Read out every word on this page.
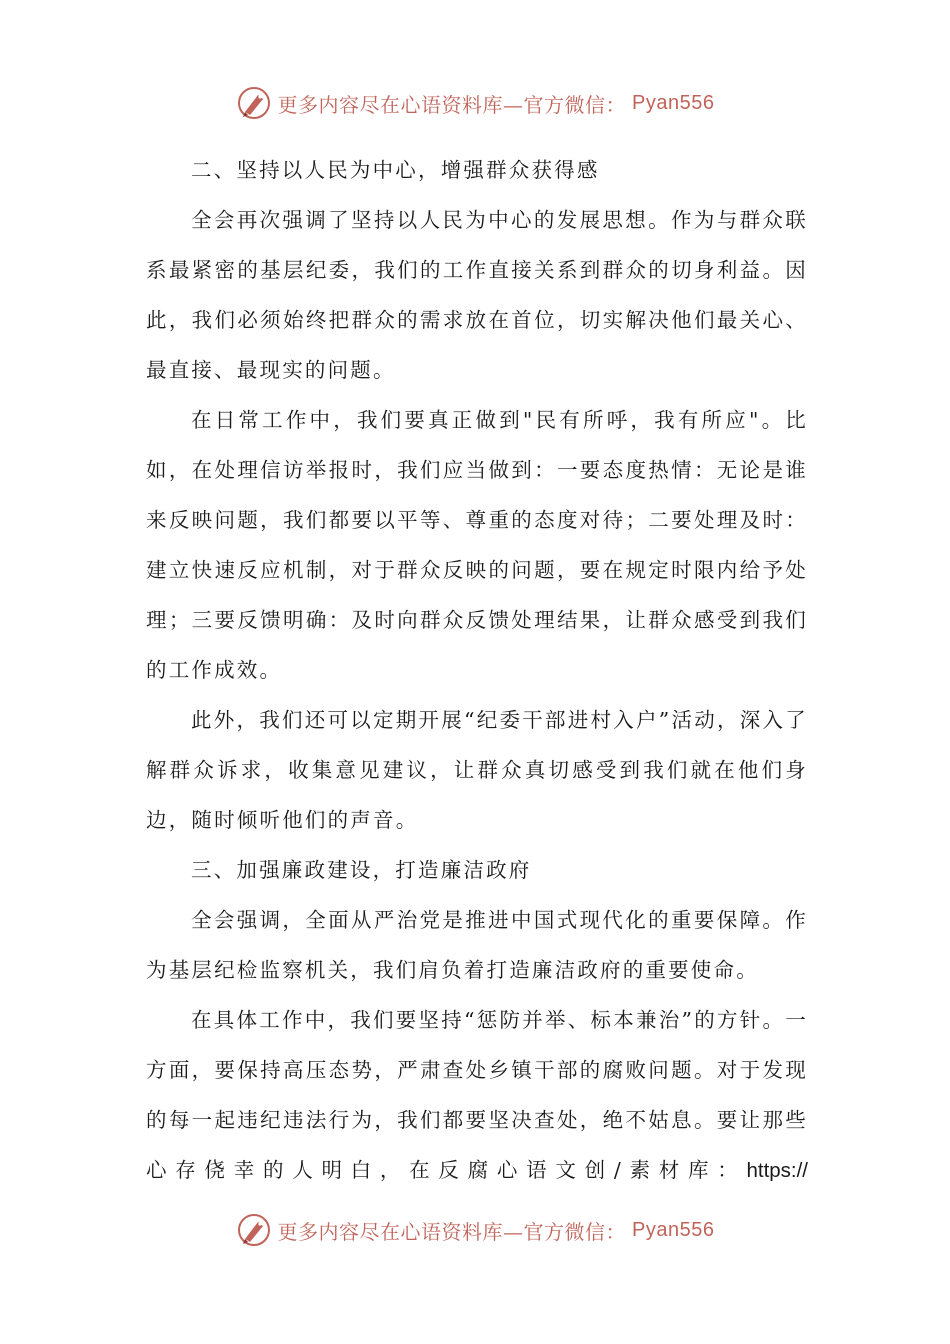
更多内容尽在心语资料库—官方微信： Pyan556

二、坚持以人民为中心，增强群众获得感

全会再次强调了坚持以人民为中心的发展思想。作为与群众联系最紧密的基层纪委，我们的工作直接关系到群众的切身利益。因此，我们必须始终把群众的需求放在首位，切实解决他们最关心、最直接、最现实的问题。

在日常工作中，我们要真正做到"民有所呼，我有所应"。比如，在处理信访举报时，我们应当做到：一要态度热情：无论是谁来反映问题，我们都要以平等、尊重的态度对待；二要处理及时：建立快速反应机制，对于群众反映的问题，要在规定时限内给予处理；三要反馈明确：及时向群众反馈处理结果，让群众感受到我们的工作成效。

此外，我们还可以定期开展“纪委干部进村入户”活动，深入了解群众诉求，收集意见建议，让群众真切感受到我们就在他们身边，随时倾听他们的声音。

三、加强廉政建设，打造廉洁政府

全会强调，全面从严治党是推进中国式现代化的重要保障。作为基层纪检监察机关，我们肩负着打造廉洁政府的重要使命。

在具体工作中，我们要坚持“惩防并举、标本兼治”的方针。一方面，要保持高压态势，严肃查处乡镇干部的腐败问题。对于发现的每一起违纪违法行为，我们都要坚决查处，绝不姑息。要让那些心存侥幸的人明白，在反腐心语文创/素材库：https://

更多内容尽在心语资料库—官方微信： Pyan556
